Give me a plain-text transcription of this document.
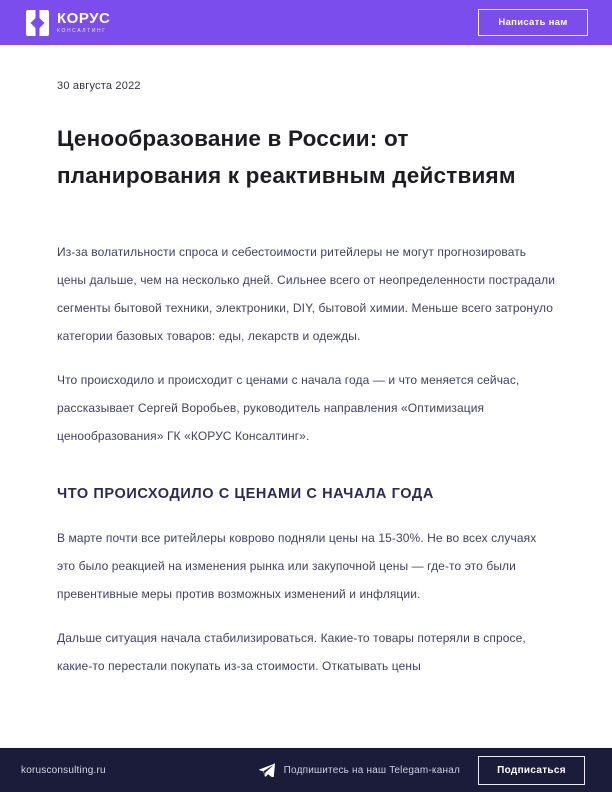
КОРУС
КОНСАЛТИНГ
Написать нам
30 августа 2022
Ценообразование в России: от планирования к реактивным действиям

Из-за волатильности спроса и себестоимости ритейлеры не могут прогнозировать цены дальше, чем на несколько дней. Сильнее всего от неопределенности пострадали сегменты бытовой техники, электроники, DIY, бытовой химии. Меньше всего затронуло категории базовых товаров: еды, лекарств и одежды.

Что происходило и происходит с ценами с начала года — и что меняется сейчас, рассказывает Сергей Воробьев, руководитель направления «Оптимизация ценообразования» ГК «КОРУС Консалтинг».

ЧТО ПРОИСХОДИЛО С ЦЕНАМИ С НАЧАЛА ГОДА

В марте почти все ритейлеры коврово подняли цены на 15-30%. Не во всех случаях это было реакцией на изменения рынка или закупочной цены — где-то это были превентивные меры против возможных изменений и инфляции.

Дальше ситуация начала стабилизироваться. Какие-то товары потеряли в спросе, какие-то перестали покупать из-за стоимости. Откатывать цены

korusconsulting.ru	Подпишитесь на наш Telegam-канал	Подписаться
